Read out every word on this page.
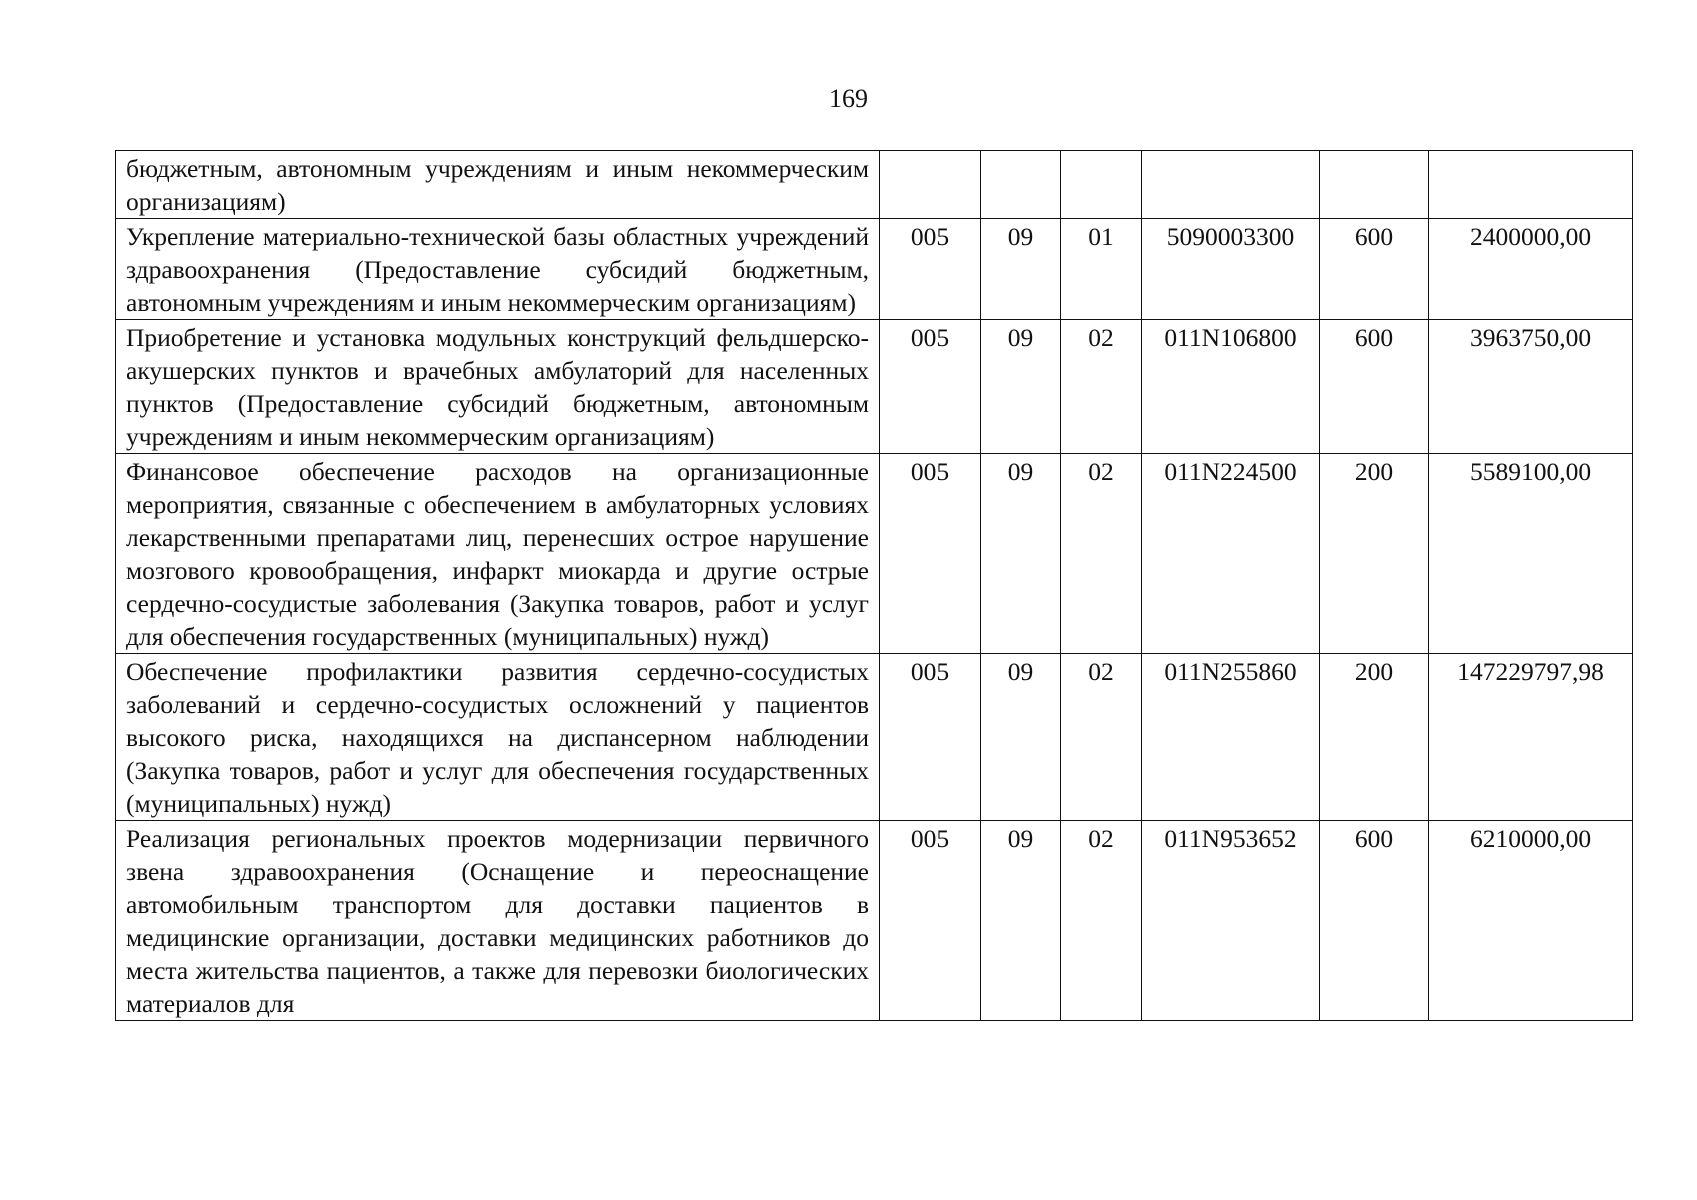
169
бюджетным, автономным учреждениям и иным некоммерческим организациям)						

Укрепление материально-технической базы областных учреждений здравоохранения (Предоставление субсидий бюджетным, автономным учреждениям и иным некоммерческим организациям)	005	09	01	5090003300	600	2400000,00

Приобретение и установка модульных конструкций фельдшерско-акушерских пунктов и врачебных амбулаторий для населенных пунктов (Предоставление субсидий бюджетным, автономным учреждениям и иным некоммерческим организациям)	005	09	02	011N106800	600	3963750,00

Финансовое обеспечение расходов на организационные мероприятия, связанные с обеспечением в амбулаторных условиях лекарственными препаратами лиц, перенесших острое нарушение мозгового кровообращения, инфаркт миокарда и другие острые сердечно-сосудистые заболевания (Закупка товаров, работ и услуг для обеспечения государственных (муниципальных) нужд)	005	09	02	011N224500	200	5589100,00

Обеспечение профилактики развития сердечно-сосудистых заболеваний и сердечно-сосудистых осложнений у пациентов высокого риска, находящихся на диспансерном наблюдении (Закупка товаров, работ и услуг для обеспечения государственных (муниципальных) нужд)	005	09	02	011N255860	200	147229797,98

Реализация региональных проектов модернизации первичного звена здравоохранения (Оснащение и переоснащение автомобильным транспортом для доставки пациентов в медицинские организации, доставки медицинских работников до места жительства пациентов, а также для перевозки биологических материалов для	005	09	02	011N953652	600	6210000,00
